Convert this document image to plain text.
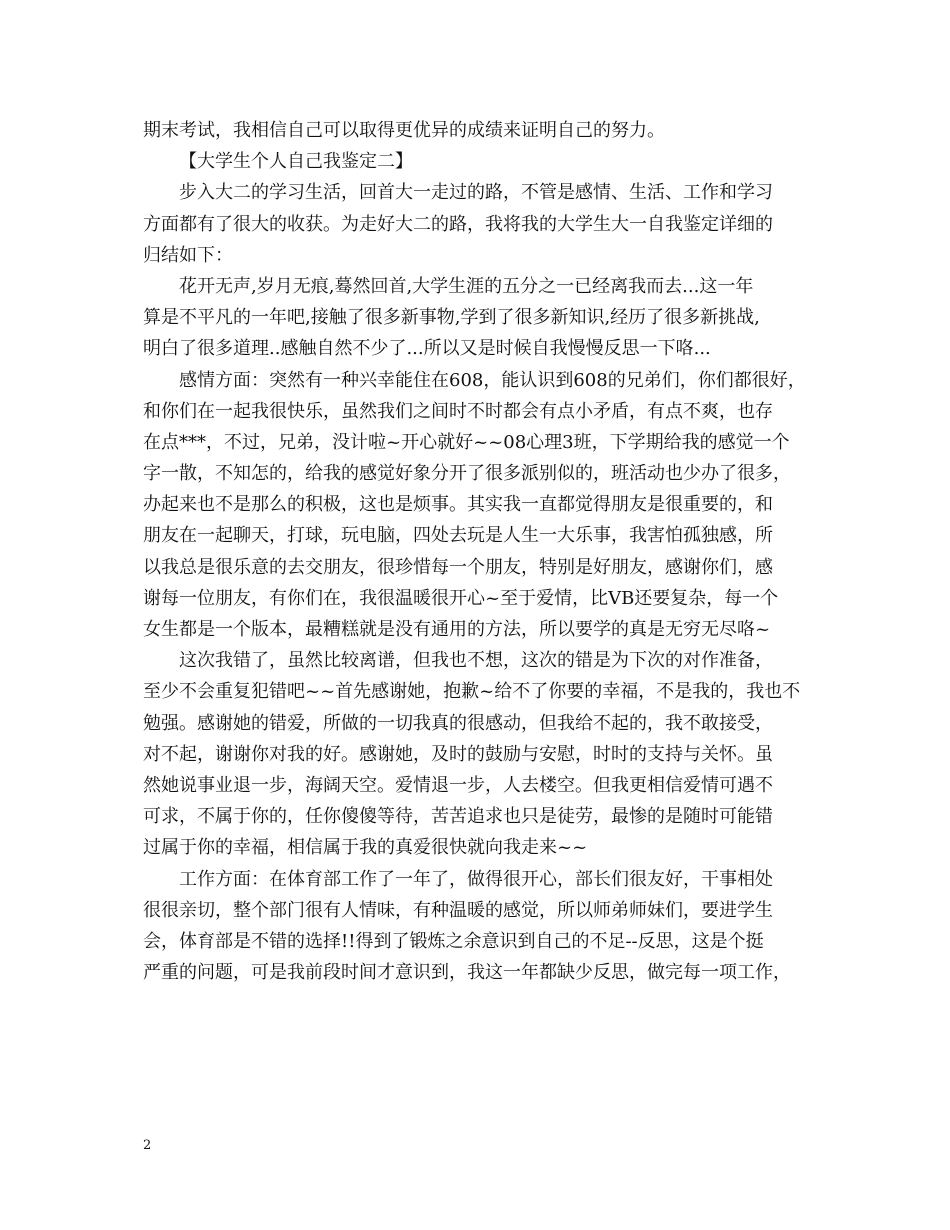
期末考试，我相信自己可以取得更优异的成绩来证明自己的努力。
【大学生个人自己我鉴定二】
步入大二的学习生活，回首大一走过的路，不管是感情、生活、工作和学习
方面都有了很大的收获。为走好大二的路，我将我的大学生大一自我鉴定详细的
归结如下：
花开无声,岁月无痕,蓦然回首,大学生涯的五分之一已经离我而去...这一年
算是不平凡的一年吧,接触了很多新事物,学到了很多新知识,经历了很多新挑战,
明白了很多道理..感触自然不少了...所以又是时候自我慢慢反思一下咯...
感情方面：突然有一种兴幸能住在608，能认识到608的兄弟们，你们都很好，
和你们在一起我很快乐，虽然我们之间时不时都会有点小矛盾，有点不爽，也存
在点***，不过，兄弟，没计啦~开心就好~~08心理3班，下学期给我的感觉一个
字一散，不知怎的，给我的感觉好象分开了很多派别似的，班活动也少办了很多，
办起来也不是那么的积极，这也是烦事。其实我一直都觉得朋友是很重要的，和
朋友在一起聊天，打球，玩电脑，四处去玩是人生一大乐事，我害怕孤独感，所
以我总是很乐意的去交朋友，很珍惜每一个朋友，特别是好朋友，感谢你们，感
谢每一位朋友，有你们在，我很温暖很开心~至于爱情，比VB还要复杂，每一个
女生都是一个版本，最糟糕就是没有通用的方法，所以要学的真是无穷无尽咯~
这次我错了，虽然比较离谱，但我也不想，这次的错是为下次的对作准备，
至少不会重复犯错吧~~首先感谢她，抱歉~给不了你要的幸福，不是我的，我也不
勉强。感谢她的错爱，所做的一切我真的很感动，但我给不起的，我不敢接受，
对不起，谢谢你对我的好。感谢她，及时的鼓励与安慰，时时的支持与关怀。虽
然她说事业退一步，海阔天空。爱情退一步，人去楼空。但我更相信爱情可遇不
可求，不属于你的，任你傻傻等待，苦苦追求也只是徒劳，最惨的是随时可能错
过属于你的幸福，相信属于我的真爱很快就向我走来~~
工作方面：在体育部工作了一年了，做得很开心，部长们很友好，干事相处
很很亲切，整个部门很有人情味，有种温暖的感觉，所以师弟师妹们，要进学生
会，体育部是不错的选择!!得到了锻炼之余意识到自己的不足--反思，这是个挺
严重的问题，可是我前段时间才意识到，我这一年都缺少反思，做完每一项工作，
2
